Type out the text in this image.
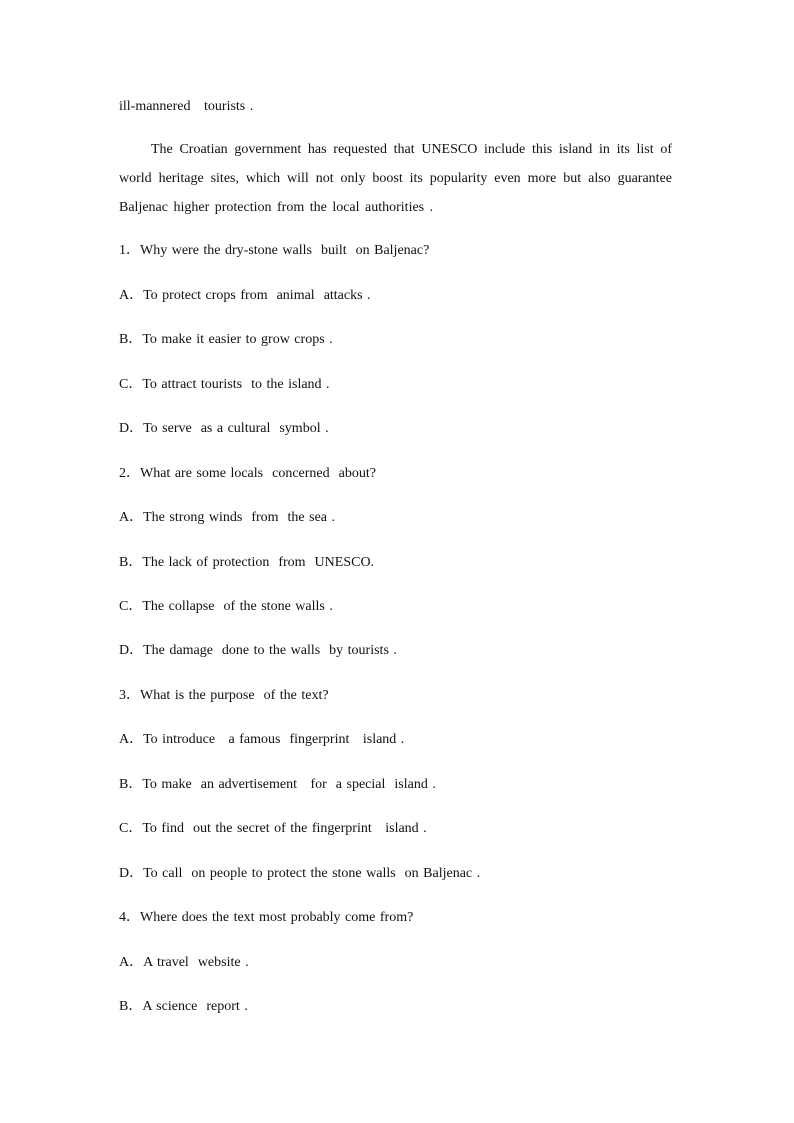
ill-mannered   tourists .
The Croatian government has requested that UNESCO include this island in its list of world heritage sites, which will not only boost its popularity even more but also guarantee Baljenac higher protection from the local authorities .
1．Why were the dry-stone walls  built  on Baljenac?
A．To protect crops from  animal  attacks .
B．To make it easier to grow crops .
C．To attract tourists  to the island .
D．To serve  as a cultural  symbol .
2．What are some locals  concerned  about?
A．The strong winds  from  the sea .
B．The lack of protection  from  UNESCO.
C．The collapse  of the stone walls .
D．The damage  done to the walls  by tourists .
3．What is the purpose  of the text?
A．To introduce   a famous  fingerprint   island .
B．To make  an advertisement   for  a special  island .
C．To find  out the secret of the fingerprint   island .
D．To call  on people to protect the stone walls  on Baljenac .
4．Where does the text most probably come from?
A．A travel  website .
B．A science  report .
